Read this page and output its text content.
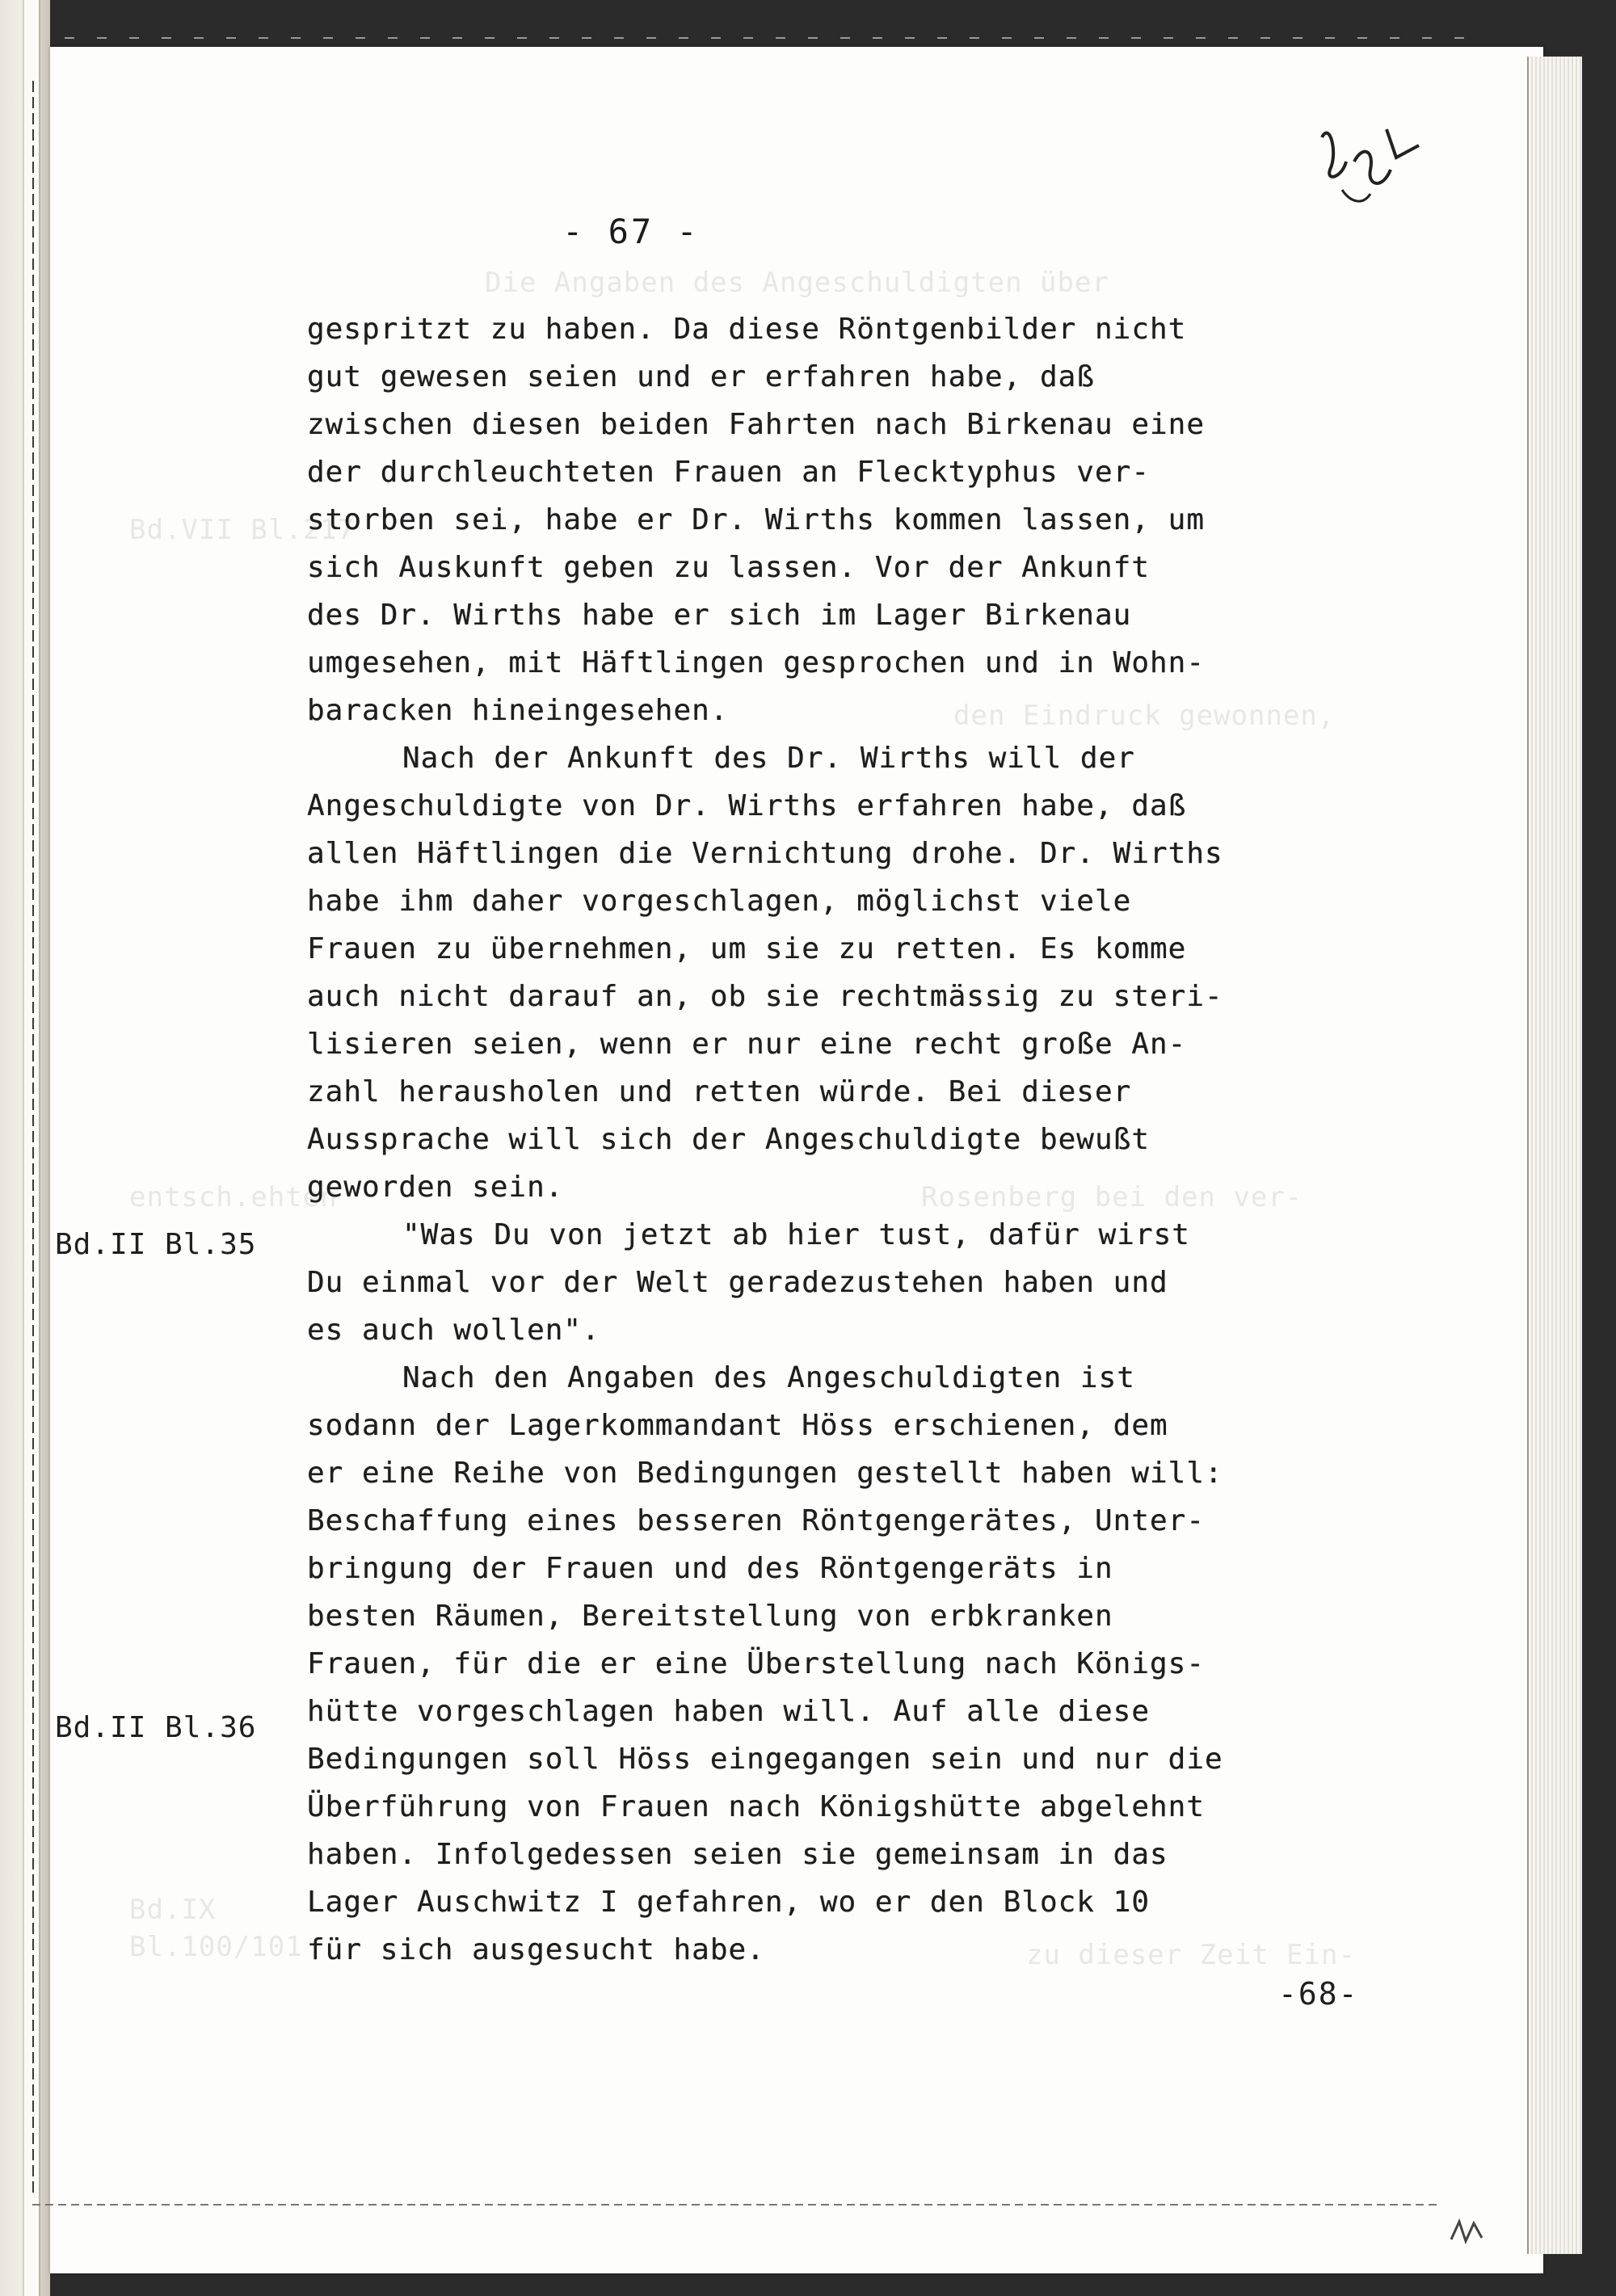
Die Angaben des Angeschuldigten über
Bd.VII Bl.217
entsch.ehten
Bd.IX
Bl.100/101
den Eindruck gewonnen,
Rosenberg bei den ver-
zu dieser Zeit Ein-
- 67 -
Bd.II Bl.35
Bd.II Bl.36
gespritzt zu haben. Da diese Röntgenbilder nicht
gut gewesen seien und er erfahren habe, daß
zwischen diesen beiden Fahrten nach Birkenau eine
der durchleuchteten Frauen an Flecktyphus ver-
storben sei, habe er Dr. Wirths kommen lassen, um
sich Auskunft geben zu lassen. Vor der Ankunft
des Dr. Wirths habe er sich im Lager Birkenau
umgesehen, mit Häftlingen gesprochen und in Wohn-
baracken hineingesehen.
Nach der Ankunft des Dr. Wirths will der
Angeschuldigte von Dr. Wirths erfahren habe, daß
allen Häftlingen die Vernichtung drohe. Dr. Wirths
habe ihm daher vorgeschlagen, möglichst viele
Frauen zu übernehmen, um sie zu retten. Es komme
auch nicht darauf an, ob sie rechtmässig zu steri-
lisieren seien, wenn er nur eine recht große An-
zahl herausholen und retten würde. Bei dieser
Aussprache will sich der Angeschuldigte bewußt
geworden sein.
"Was Du von jetzt ab hier tust, dafür wirst
Du einmal vor der Welt geradezustehen haben und
es auch wollen".
Nach den Angaben des Angeschuldigten ist
sodann der Lagerkommandant Höss erschienen, dem
er eine Reihe von Bedingungen gestellt haben will:
Beschaffung eines besseren Röntgengerätes, Unter-
bringung der Frauen und des Röntgengeräts in
besten Räumen, Bereitstellung von erbkranken
Frauen, für die er eine Überstellung nach Königs-
hütte vorgeschlagen haben will. Auf alle diese
Bedingungen soll Höss eingegangen sein und nur die
Überführung von Frauen nach Königshütte abgelehnt
haben. Infolgedessen seien sie gemeinsam in das
Lager Auschwitz I gefahren, wo er den Block 10
für sich ausgesucht habe.
-68-
